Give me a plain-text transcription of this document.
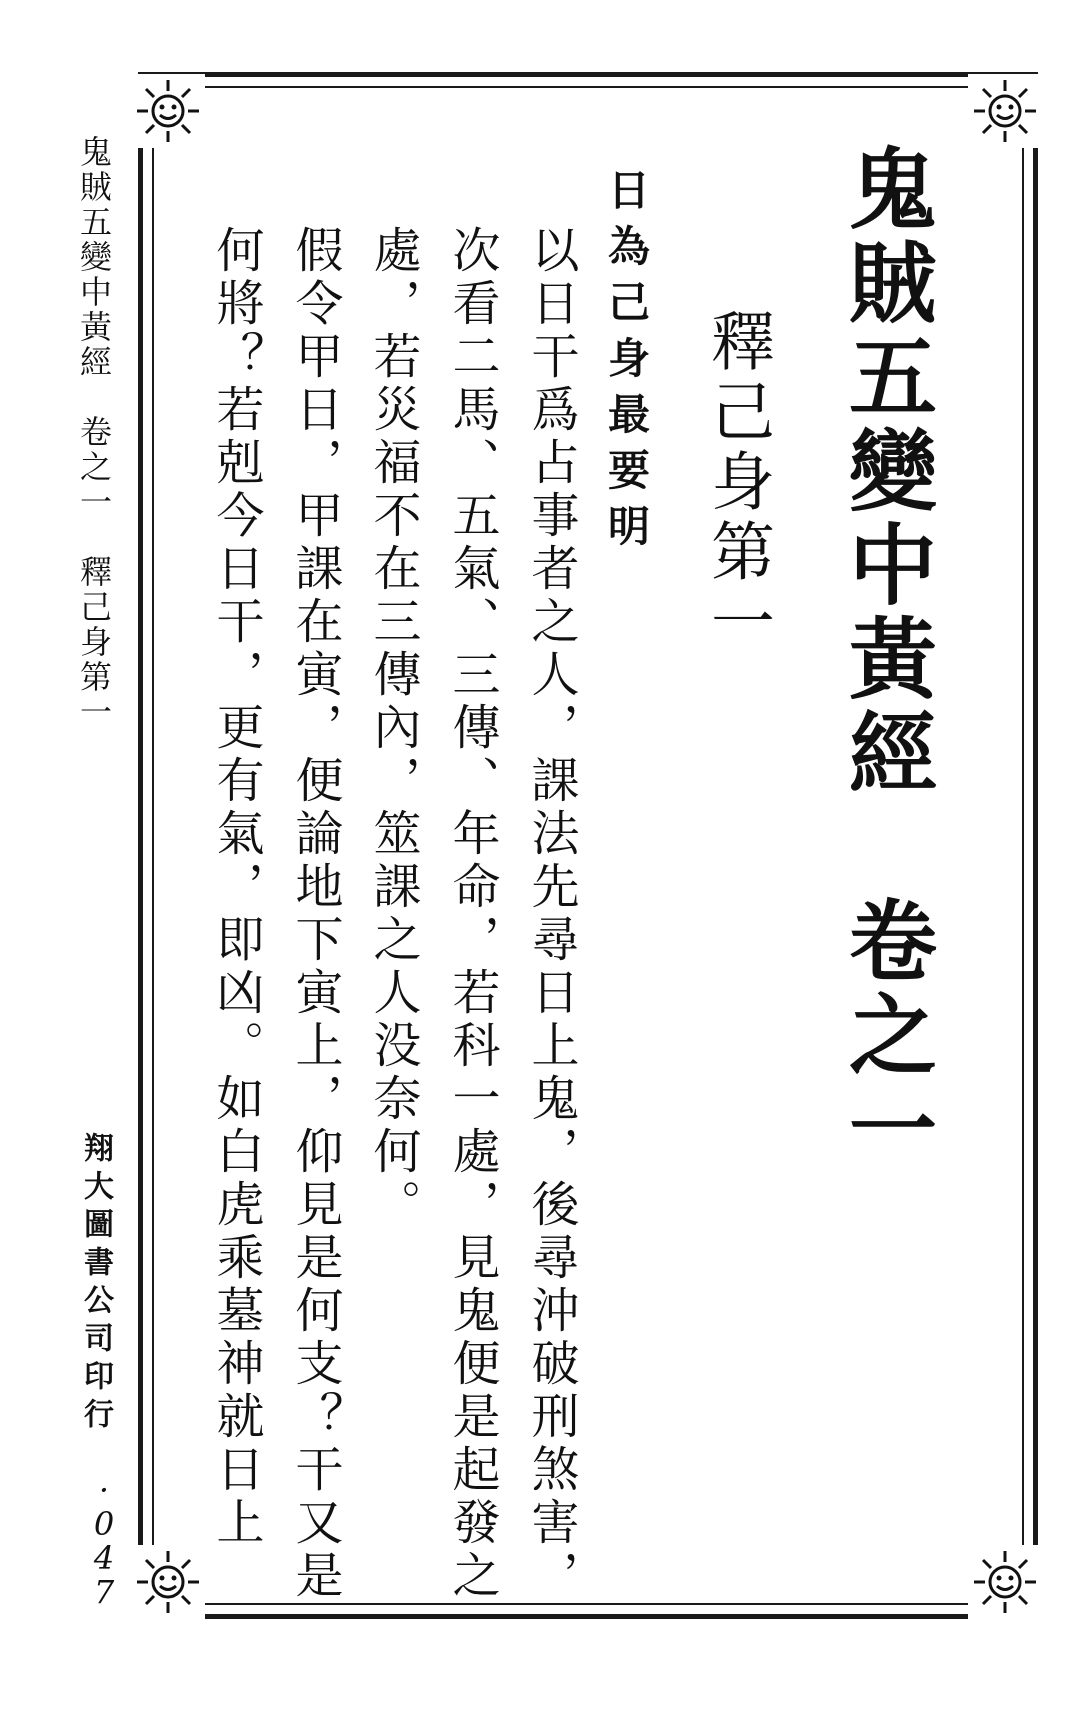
鬼賊五變中黃經　卷之一
釋己身第一
日為己身最要明
以日干爲占事者之人，課法先尋日上鬼，後尋沖破刑煞害，
次看二馬、五氣、三傳、年命，若科一處，見鬼便是起發之
處，若災福不在三傳內，筮課之人没奈何。
假令甲日，甲課在寅，便論地下寅上，仰見是何支？干又是
何將？若剋今日干，更有氣，即凶。如白虎乘墓神就日上
鬼賊五變中黃經　卷之一　釋己身第一
翔大圖書公司印行
·
0
4
7
